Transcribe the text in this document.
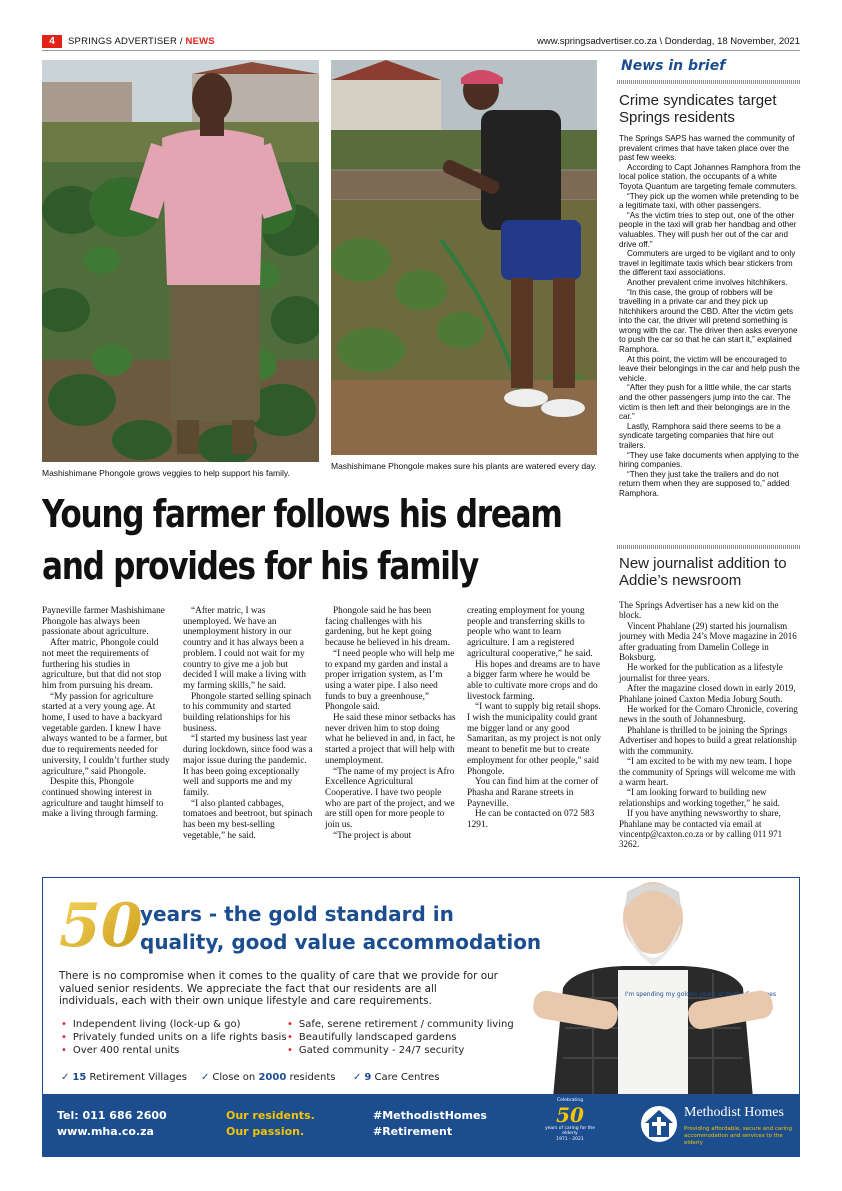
4	SPRINGS ADVERTISER / NEWS	www.springsadvertiser.co.za \ Donderdag, 18 November, 2021
Mashishimane Phongole grows veggies to help support his family.
Mashishimane Phongole makes sure his plants are watered every day.
Young farmer follows his dream
and provides for his family

Payneville farmer Mashishimane Phongole has always been passionate about agriculture.

After matric, Phongole could not meet the requirements of furthering his studies in agriculture, but that did not stop him from pursuing his dream.

“My passion for agriculture started at a very young age. At home, I used to have a backyard vegetable garden. I knew I have always wanted to be a farmer, but due to requirements needed for university, I couldn’t further study agriculture,” said Phongole.

Despite this, Phongole continued showing interest in agriculture and taught himself to make a living through farming.

“After matric, I was unemployed. We have an unemployment history in our country and it has always been a problem. I could not wait for my country to give me a job but decided I will make a living with my farming skills,” he said.

Phongole started selling spinach to his community and started building relationships for his business.

“I started my business last year during lockdown, since food was a major issue during the pandemic. It has been going exceptionally well and supports me and my family.

“I also planted cabbages, tomatoes and beetroot, but spinach has been my best-selling vegetable,” he said.

Phongole said he has been facing challenges with his gardening, but he kept going because he believed in his dream.

“I need people who will help me to expand my garden and instal a proper irrigation system, as I’m using a water pipe. I also need funds to buy a greenhouse,” Phongole said.

He said these minor setbacks has never driven him to stop doing what he believed in and, in fact, he started a project that will help with unemployment.

“The name of my project is Afro Excellence Agricultural Cooperative. I have two people who are part of the project, and we are still open for more people to join us.

“The project is about

creating employment for young people and transferring skills to people who want to learn agriculture. I am a registered agricultural cooperative,” he said.

His hopes and dreams are to have a bigger farm where he would be able to cultivate more crops and do livestock farming.

“I want to supply big retail shops. I wish the municipality could grant me bigger land or any good Samaritan, as my project is not only meant to benefit me but to create employment for other people,” said Phongole.

You can find him at the corner of Phasha and Rarane streets in Payneville.

He can be contacted on 072 583 1291.

News in brief
Crime syndicates target Springs residents

The Springs SAPS has warned the community of prevalent crimes that have taken place over the past few weeks.

According to Capt Johannes Ramphora from the local police station, the occupants of a white Toyota Quantum are targeting female commuters.

“They pick up the women while pretending to be a legitimate taxi, with other passengers.

“As the victim tries to step out, one of the other people in the taxi will grab her handbag and other valuables. They will push her out of the car and drive off.”

Commuters are urged to be vigilant and to only travel in legitimate taxis which bear stickers from the different taxi associations.

Another prevalent crime involves hitchhikers.

“In this case, the group of robbers will be travelling in a private car and they pick up hitchhikers around the CBD. After the victim gets into the car, the driver will pretend something is wrong with the car. The driver then asks everyone to push the car so that he can start it,” explained Ramphora.

At this point, the victim will be encouraged to leave their belongings in the car and help push the vehicle.

“After they push for a little while, the car starts and the other passengers jump into the car. The victim is then left and their belongings are in the car.”

Lastly, Ramphora said there seems to be a syndicate targeting companies that hire out trailers.

“They use fake documents when applying to the hiring companies.

“Then they just take the trailers and do not return them when they are supposed to,” added Ramphora.

New journalist addition to Addie’s newsroom

The Springs Advertiser has a new kid on the block.

Vincent Phahlane (29) started his journalism journey with Media 24’s Move magazine in 2016 after graduating from Damelin College in Boksburg.

He worked for the publication as a lifestyle journalist for three years.

After the magazine closed down in early 2019, Phahlane joined Caxton Media Joburg South.

He worked for the Comaro Chronicle, covering news in the south of Johannesburg.

Phahlane is thrilled to be joining the Springs Advertiser and hopes to build a great relationship with the community.

“I am excited to be with my new team. I hope the community of Springs will welcome me with a warm heart.

“I am looking forward to building new relationships and working together,” he said.

If you have anything newsworthy to share, Phahlane may be contacted via email at vincentp@caxton.co.za or by calling 011 971 3262.

50
years - the gold standard in
quality, good value accommodation
There is no compromise when it comes to the quality of care that we provide for our valued senior residents. We appreciate the fact that our residents are all individuals, each with their own unique lifestyle and care requirements.
• Independent living (lock-up & go)
• Privately funded units on a life rights basis
• Over 400 rental units
• Safe, serene retirement / community living
• Beautifully landscaped gardens
• Gated community - 24/7 security
✓ 15 Retirement Villages ✓ Close on 2000 residents ✓ 9 Care Centres
I'm spending my golden years at MethodistHomes
Tel: 011 686 2600
www.mha.co.za
Our residents.
Our passion.
#MethodistHomes
#Retirement
Celebrating
50
years of caring for the elderly
1971 - 2021
Methodist Homes
Providing affordable, secure and caring accommodation and services to the elderly
